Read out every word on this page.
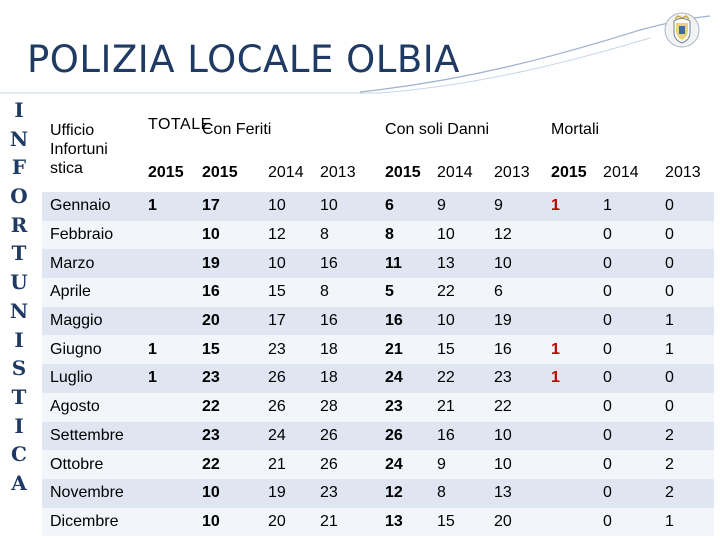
POLIZIA LOCALE OLBIA
I
N
F
O
R
T
U
N
I
S
T
I
C
A
Ufficio Infortuni stica	TOTALE	Con Feriti			Con soli Danni			Mortali		
	2015	2015	2014	2013	2015	2014	2013	2015	2014	2013
Gennaio	1	17	10	10	6	9	9	1	1	0
Febbraio		10	12	8	8	10	12		0	0
Marzo		19	10	16	11	13	10		0	0
Aprile		16	15	8	5	22	6		0	0
Maggio		20	17	16	16	10	19		0	1
Giugno	1	15	23	18	21	15	16	1	0	1
Luglio	1	23	26	18	24	22	23	1	0	0
Agosto		22	26	28	23	21	22		0	0
Settembre		23	24	26	26	16	10		0	2
Ottobre		22	21	26	24	9	10		0	2
Novembre		10	19	23	12	8	13		0	2
Dicembre		10	20	21	13	15	20		0	1
